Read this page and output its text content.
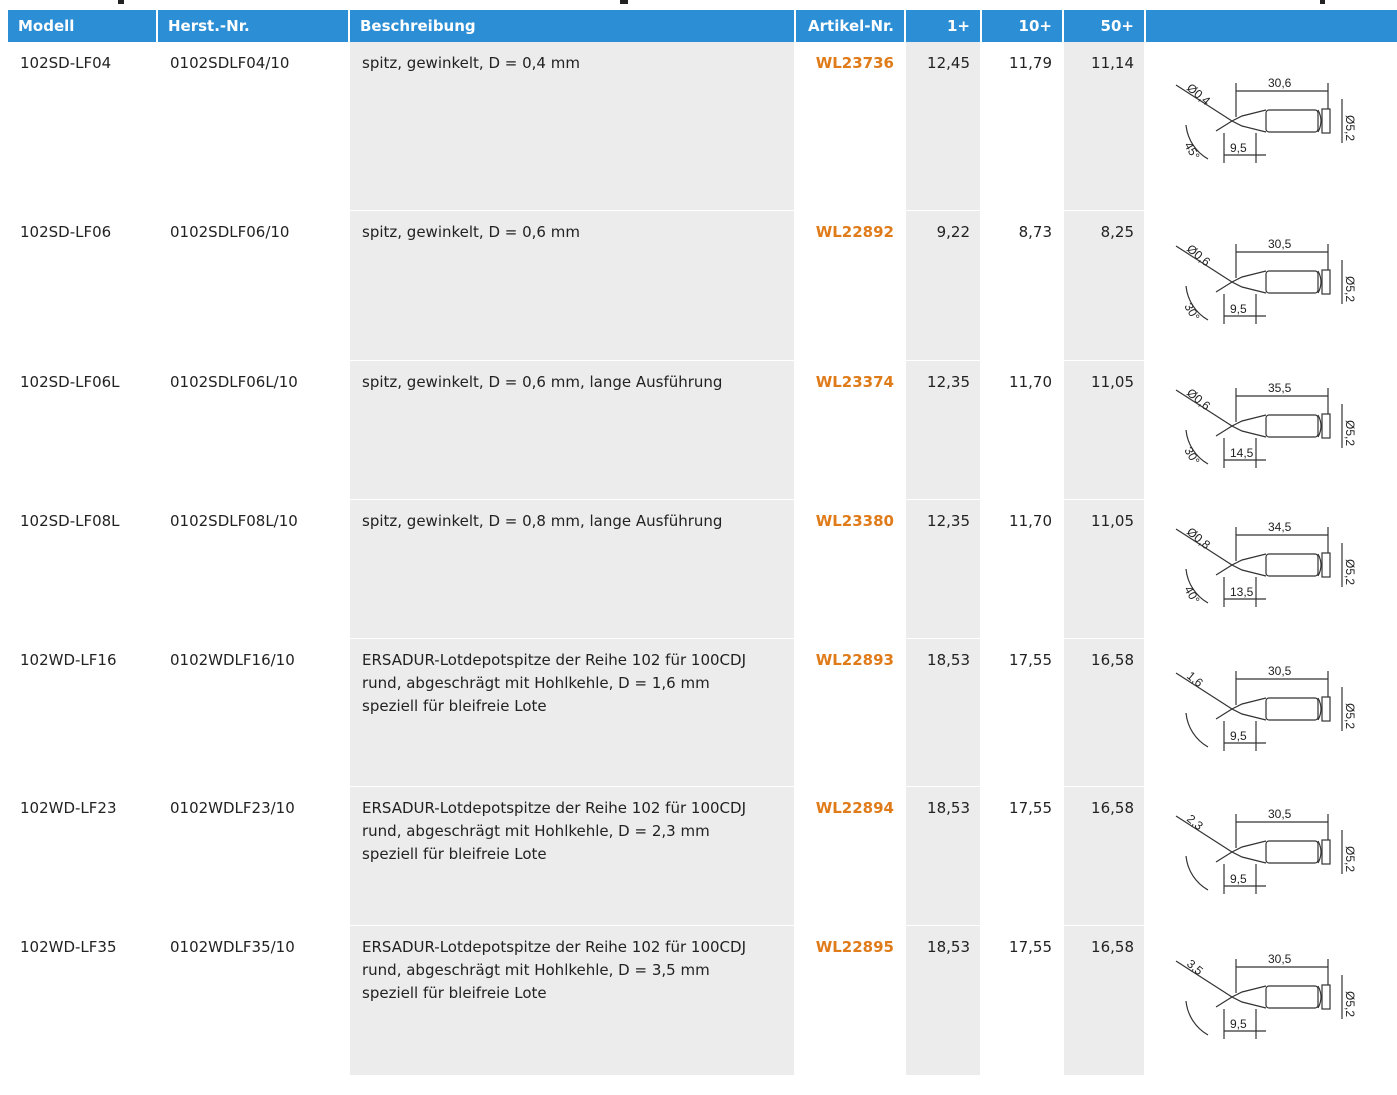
Modell	Herst.-Nr.	Beschreibung	Artikel-Nr.	1+	10+	50+
102SD-LF04	0102SDLF04/10	spitz, gewinkelt, D = 0,4 mm	WL23736	12,45	11,79	11,14
30,6
Ø5,2
9,5
Ø0,4
45°
102SD-LF06	0102SDLF06/10	spitz, gewinkelt, D = 0,6 mm	WL22892	9,22	8,73	8,25
30,5
Ø5,2
9,5
Ø0,6
30°
102SD-LF06L	0102SDLF06L/10	spitz, gewinkelt, D = 0,6 mm, lange Ausführung	WL23374	12,35	11,70	11,05	35,5
Ø5,2
14,5
Ø0,6
30°
102SD-LF08L	0102SDLF08L/10	spitz, gewinkelt, D = 0,8 mm, lange Ausführung	WL23380	12,35	11,70	11,05	34,5
Ø5,2
13,5
Ø0,8
40°
102WD-LF16	0102WDLF16/10	ERSADUR-Lotdepotspitze der Reihe 102 für 100CDJ
rund, abgeschrägt mit Hohlkehle, D = 1,6 mm
speziell für bleifreie Lote
WL22893	18,53	17,55	16,58
30,5
Ø5,2
9,5
1,6
102WD-LF23	0102WDLF23/10	ERSADUR-Lotdepotspitze der Reihe 102 für 100CDJ
rund, abgeschrägt mit Hohlkehle, D = 2,3 mm
speziell für bleifreie Lote
WL22894	18,53	17,55	16,58	30,5
Ø5,2
9,5
2,3
102WD-LF35	0102WDLF35/10	ERSADUR-Lotdepotspitze der Reihe 102 für 100CDJ
rund, abgeschrägt mit Hohlkehle, D = 3,5 mm
speziell für bleifreie Lote
WL22895	18,53	17,55	16,58
30,5
Ø5,2
9,5
3,5
